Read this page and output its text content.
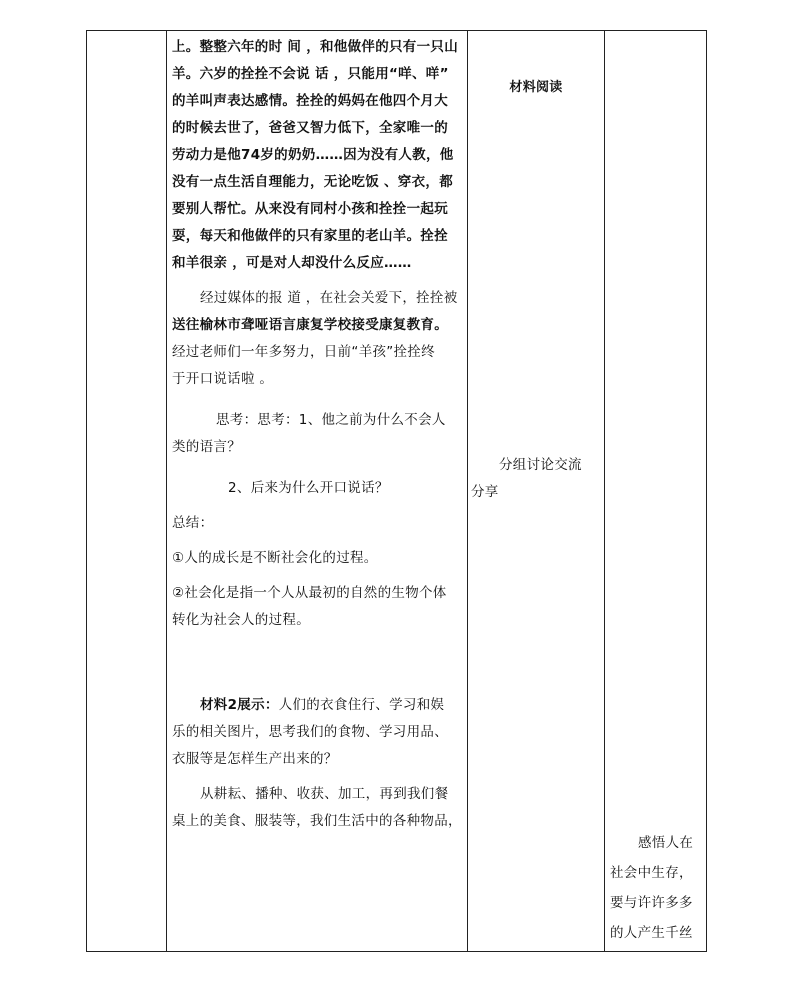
上。整整六年的时 间 ，和他做伴的只有一只山

羊。六岁的拴拴不会说 话 ，只能用“咩、咩”

的羊叫声表达感情。拴拴的妈妈在他四个月大

的时候去世了，爸爸又智力低下，全家唯一的

劳动力是他74岁的奶奶……因为没有人教，他

没有一点生活自理能力，无论吃饭 、穿衣，都

要别人帮忙。从来没有同村小孩和拴拴一起玩

耍，每天和他做伴的只有家里的老山羊。拴拴

和羊很亲 ，可是对人却没什么反应……

经过媒体的报 道 ，在社会关爱下，拴拴被

送往榆林市聋哑语言康复学校接受康复教育。

经过老师们一年多努力，日前“羊孩”拴拴终

于开口说话啦 。

思考：思考：1、他之前为什么不会人

类的语言？

2、后来为什么开口说话？

总结：

①人的成长是不断社会化的过程。

②社会化是指一个人从最初的自然的生物个体

转化为社会人的过程。

材料2展示：人们的衣食住行、学习和娱

乐的相关图片，思考我们的食物、学习用品、

衣服等是怎样生产出来的？

从耕耘、播种、收获、加工，再到我们餐

桌上的美食、服装等，我们生活中的各种物品，

材料阅读

分组讨论交流

分享

感悟人在

社会中生存，

要与许许多多

的人产生千丝
